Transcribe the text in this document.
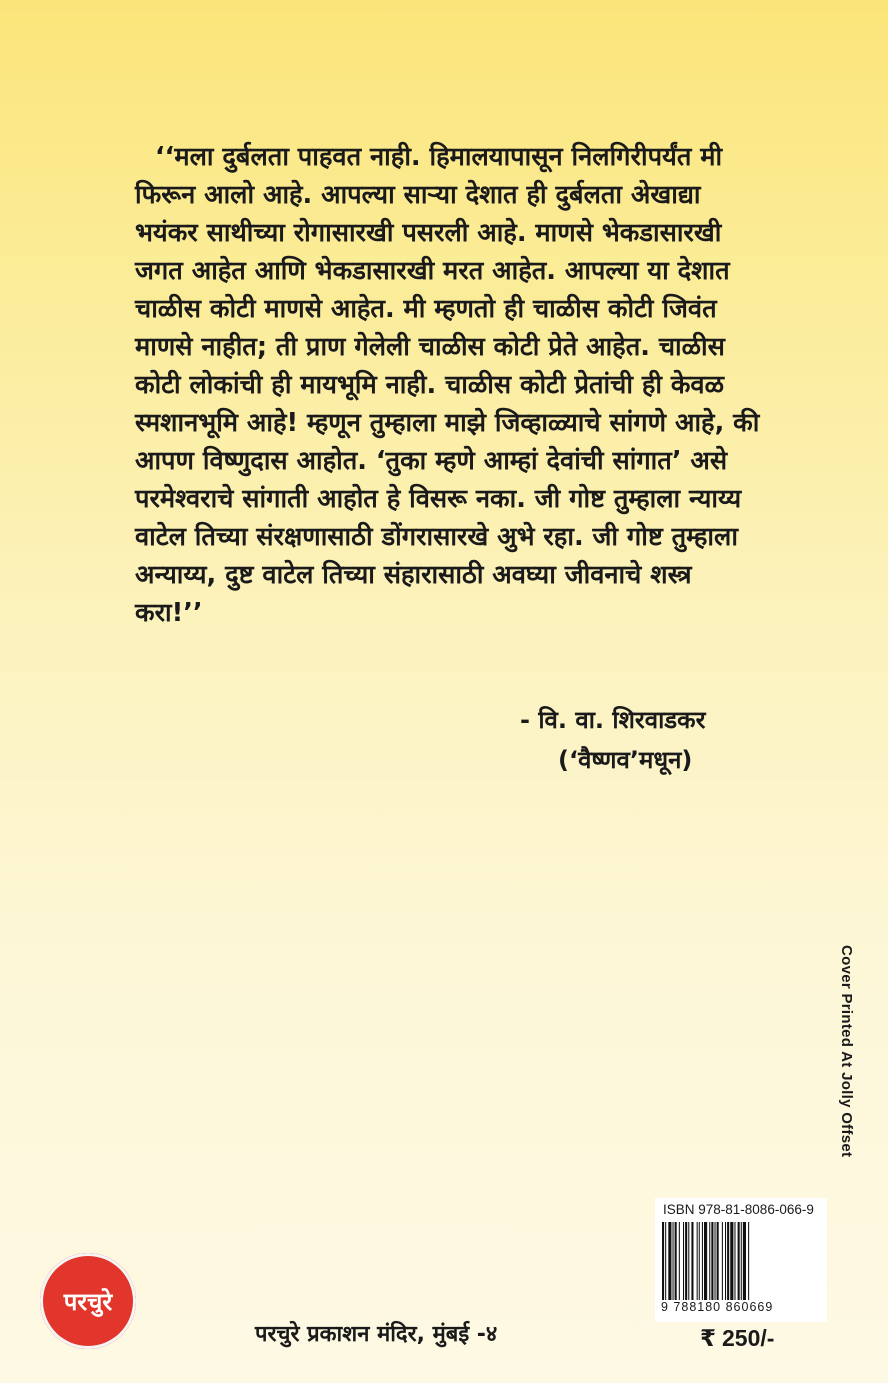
‘‘मला दुर्बलता पाहवत नाही. हिमालयापासून निलगिरीपर्यंत मी
फिरून आलो आहे. आपल्या साऱ्या देशात ही दुर्बलता अेखाद्या
भयंकर साथीच्या रोगासारखी पसरली आहे. माणसे भेकडासारखी
जगत आहेत आणि भेकडासारखी मरत आहेत. आपल्या या देशात
चाळीस कोटी माणसे आहेत. मी म्हणतो ही चाळीस कोटी जिवंत
माणसे नाहीत; ती प्राण गेलेली चाळीस कोटी प्रेते आहेत. चाळीस
कोटी लोकांची ही मायभूमि नाही. चाळीस कोटी प्रेतांची ही केवळ
स्मशानभूमि आहे! म्हणून तुम्हाला माझे जिव्हाळ्याचे सांगणे आहे, की
आपण विष्णुदास आहोत. ‘तुका म्हणे आम्हां देवांची सांगात’ असे
परमेश्वराचे सांगाती आहोत हे विसरू नका. जी गोष्ट तुम्हाला न्याय्य
वाटेल तिच्या संरक्षणासाठी डोंगरासारखे अुभे रहा. जी गोष्ट तुम्हाला
अन्याय्य, दुष्ट वाटेल तिच्या संहारासाठी अवघ्या जीवनाचे शस्त्र
करा!’’
- वि. वा. शिरवाडकर
(‘वैष्णव’मधून)
Cover Printed At Jolly Offset
ISBN 978-81-8086-066-9
9 788180 860669
परचुरे
परचुरे प्रकाशन मंदिर, मुंबई -४	₹ 250/-
